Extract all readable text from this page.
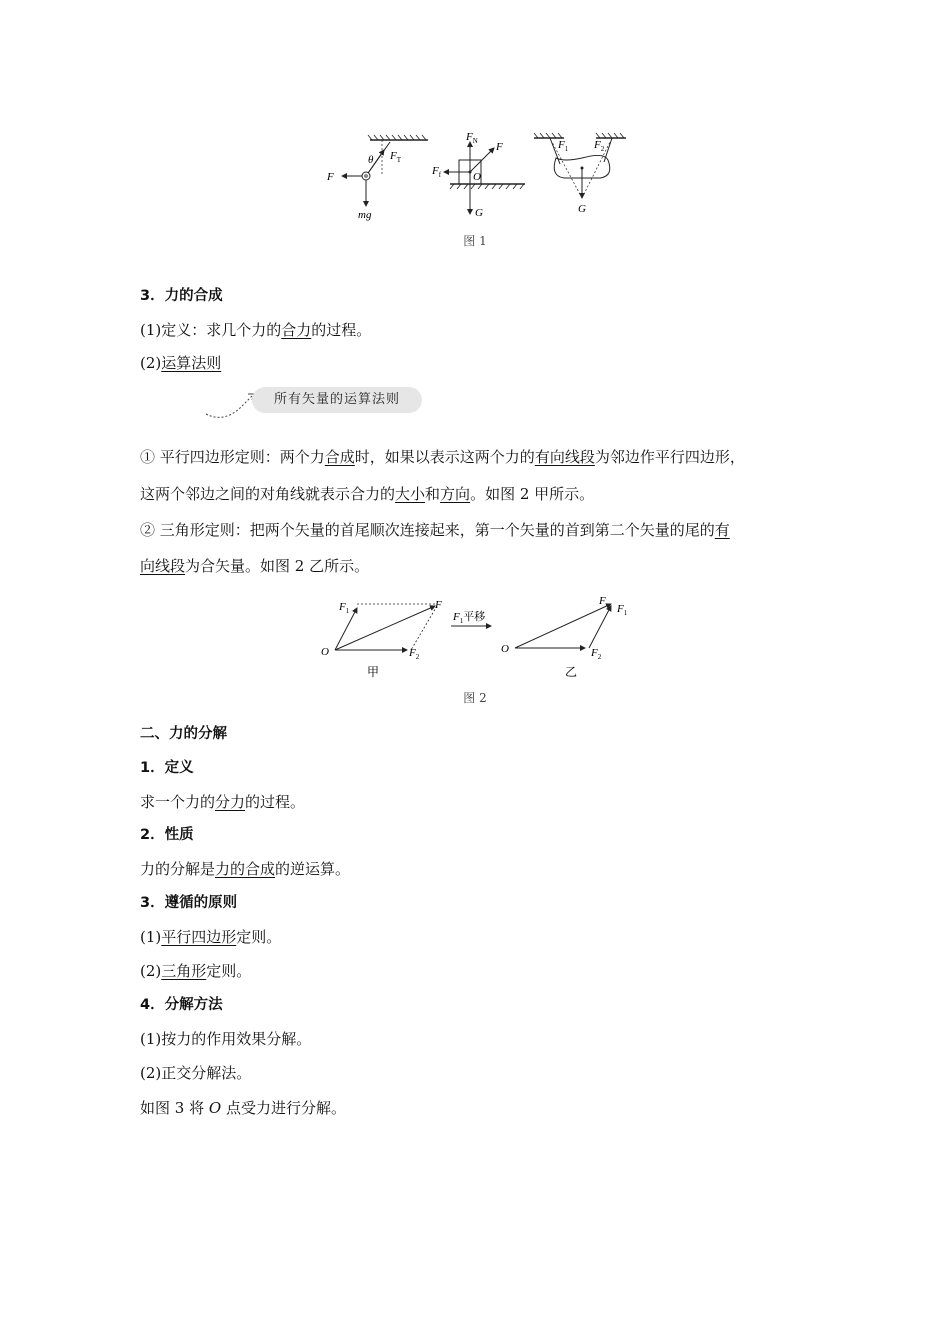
θ $F_T$
F
mg
$F_N$ F
$F_f$	O
G
$F_1$ $F_2$
G
图 1
3．力的合成
(1)定义：求几个力的合力的过程。
(2)运算法则
所有矢量的运算法则
① 平行四边形定则：两个力合成时，如果以表示这两个力的有向线段为邻边作平行四边形，
这两个邻边之间的对角线就表示合力的大小和方向。如图 2 甲所示。
② 三角形定则：把两个矢量的首尾顺次连接起来，第一个矢量的首到第二个矢量的尾的有
向线段为合矢量。如图 2 乙所示。
O
$F_1$	F
$F_2$
甲
$F_1$平移
O
F
$F_1$
$F_2$
乙
图 2
二、力的分解
1．定义
求一个力的分力的过程。
2．性质
力的分解是力的合成的逆运算。
3．遵循的原则
(1)平行四边形定则。
(2)三角形定则。
4．分解方法
(1)按力的作用效果分解。
(2)正交分解法。
如图 3 将 O 点受力进行分解。
